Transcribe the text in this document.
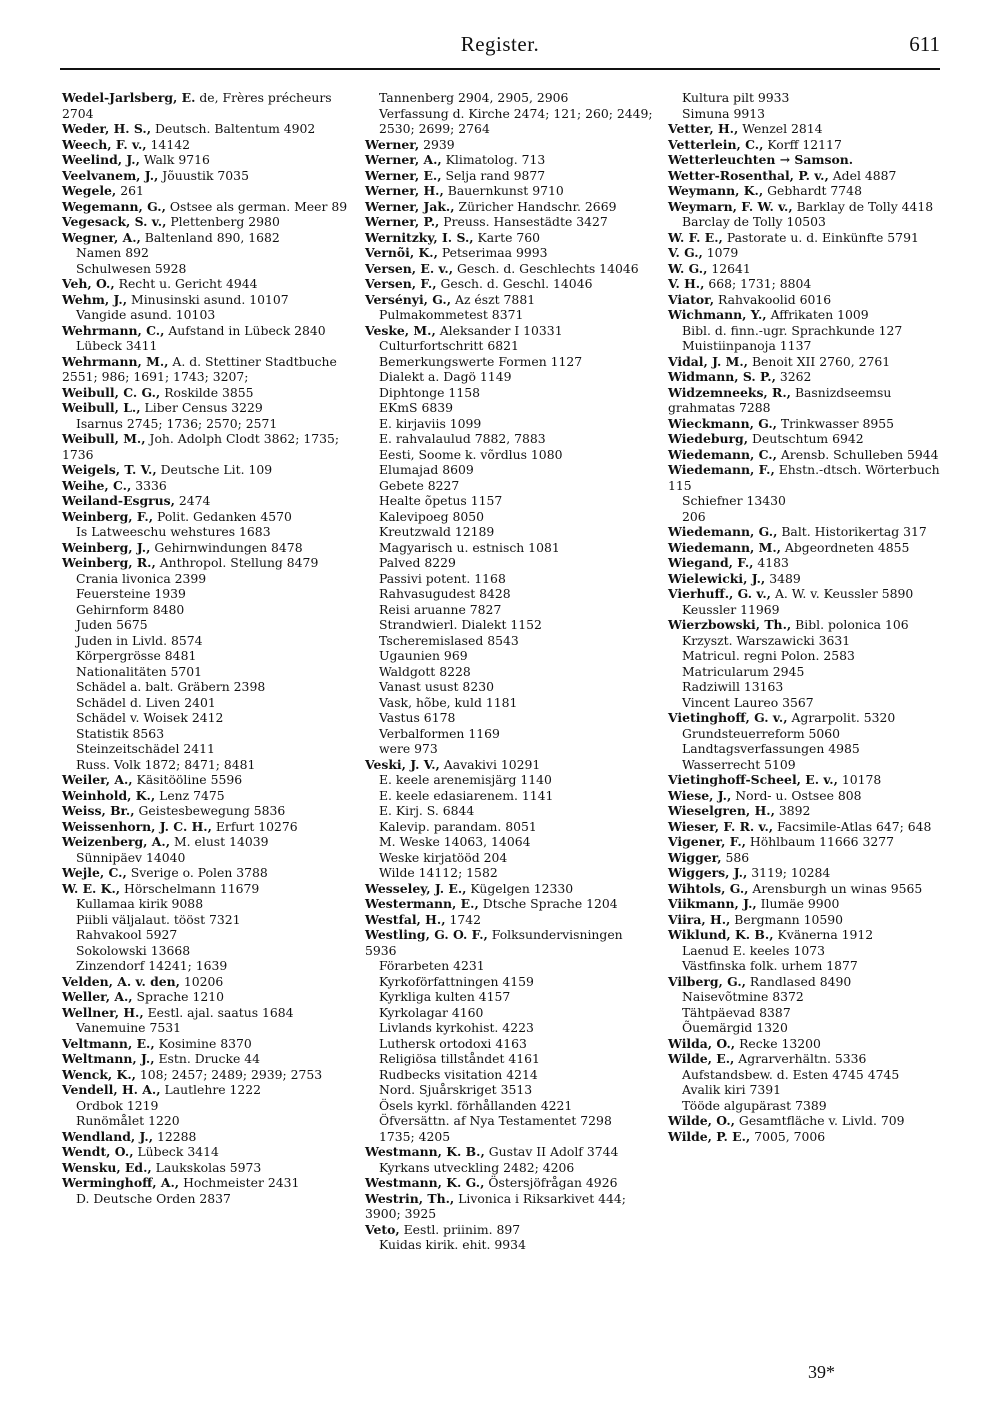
Register.	611
Wedel-Jarlsberg, E. de, Frères précheurs 2704
Weder, H. S., Deutsch. Baltentum 4902
Weech, F. v., 14142
Weelind, J., Walk 9716
Veelvanem, J., Jõuustik 7035
Wegele, 261
Wegemann, G., Ostsee als german. Meer 89
Vegesack, S. v., Plettenberg 2980
Wegner, A., Baltenland 890, 1682
Namen 892
Schulwesen 5928
Veh, O., Recht u. Gericht 4944
Wehm, J., Minusinski asund. 10107
Vangide asund. 10103
Wehrmann, C., Aufstand in Lübeck 2840
Lübeck 3411
Wehrmann, M., A. d. Stettiner Stadtbuche 2551; 986; 1691; 1743; 3207;
Weibull, C. G., Roskilde 3855
Weibull, L., Liber Census 3229
Isarnus 2745; 1736; 2570; 2571
Weibull, M., Joh. Adolph Clodt 3862; 1735; 1736
Weigels, T. V., Deutsche Lit. 109
Weihe, C., 3336
Weiland-Esgrus, 2474
Weinberg, F., Polit. Gedanken 4570
Is Latweeschu wehstures 1683
Weinberg, J., Gehirnwindungen 8478
Weinberg, R., Anthropol. Stellung 8479
Crania livonica 2399
Feuersteine 1939
Gehirnform 8480
Juden 5675
Juden in Livld. 8574
Körpergrösse 8481
Nationalitäten 5701
Schädel a. balt. Gräbern 2398
Schädel d. Liven 2401
Schädel v. Woisek 2412
Statistik 8563
Steinzeitschädel 2411
Russ. Volk 1872; 8471; 8481
Weiler, A., Käsitööline 5596
Weinhold, K., Lenz 7475
Weiss, Br., Geistesbewegung 5836
Weissenhorn, J. C. H., Erfurt 10276
Weizenberg, A., M. elust 14039
Sünnipäev 14040
Wejle, C., Sverige o. Polen 3788
W. E. K., Hörschelmann 11679
Kullamaa kirik 9088
Piibli väljalaut. tööst 7321
Rahvakool 5927
Sokolowski 13668
Zinzendorf 14241; 1639
Velden, A. v. den, 10206
Weller, A., Sprache 1210
Wellner, H., Eestl. ajal. saatus 1684
Vanemuine 7531
Veltmann, E., Kosimine 8370
Weltmann, J., Estn. Drucke 44
Wenck, K., 108; 2457; 2489; 2939; 2753
Vendell, H. A., Lautlehre 1222
Ordbok 1219
Runömålet 1220
Wendland, J., 12288
Wendt, O., Lübeck 3414
Wensku, Ed., Laukskolas 5973
Werminghoff, A., Hochmeister 2431
D. Deutsche Orden 2837
Tannenberg 2904, 2905, 2906
Verfassung d. Kirche 2474; 121; 260; 2449; 2530; 2699; 2764
Werner, 2939
Werner, A., Klimatolog. 713
Werner, E., Selja rand 9877
Werner, H., Bauernkunst 9710
Werner, Jak., Züricher Handschr. 2669
Werner, P., Preuss. Hansestädte 3427
Wernitzky, I. S., Karte 760
Vernõi, K., Petserimaa 9993
Versen, E. v., Gesch. d. Geschlechts 14046
Versen, F., Gesch. d. Geschl. 14046
Versényi, G., Az észt 7881
Pulmakommetest 8371
Veske, M., Aleksander I 10331
Culturfortschritt 6821
Bemerkungswerte Formen 1127
Dialekt a. Dagö 1149
Diphtonge 1158
EKmS 6839
E. kirjaviis 1099
E. rahvalaulud 7882, 7883
Eesti, Soome k. võrdlus 1080
Elumajad 8609
Gebete 8227
Healte õpetus 1157
Kalevipoeg 8050
Kreutzwald 12189
Magyarisch u. estnisch 1081
Palved 8229
Passivi potent. 1168
Rahvasugudest 8428
Reisi aruanne 7827
Strandwierl. Dialekt 1152
Tscheremislased 8543
Ugaunien 969
Waldgott 8228
Vanast usust 8230
Vask, hõbe, kuld 1181
Vastus 6178
Verbalformen 1169
were 973
Veski, J. V., Aavakivi 10291
E. keele arenemisjärg 1140
E. keele edasiarenem. 1141
E. Kirj. S. 6844
Kalevip. parandam. 8051
M. Weske 14063, 14064
Weske kirjatööd 204
Wilde 14112; 1582
Wesseley, J. E., Kügelgen 12330
Westermann, E., Dtsche Sprache 1204
Westfal, H., 1742
Westling, G. O. F., Folksundervisningen 5936
Förarbeten 4231
Kyrkoförfattningen 4159
Kyrkliga kulten 4157
Kyrkolagar 4160
Livlands kyrkohist. 4223
Luthersk ortodoxi 4163
Religiösa tillståndet 4161
Rudbecks visitation 4214
Nord. Sjuårskriget 3513
Ösels kyrkl. förhållanden 4221
Öfversättn. af Nya Testamentet 7298
1735; 4205
Westmann, K. B., Gustav II Adolf 3744
Kyrkans utveckling 2482; 4206
Westmann, K. G., Östersjöfrågan 4926
Westrin, Th., Livonica i Riksarkivet 444; 3900; 3925
Veto, Eestl. priinim. 897
Kuidas kirik. ehit. 9934
Kultura pilt 9933
Simuna 9913
Vetter, H., Wenzel 2814
Vetterlein, C., Korff 12117
Wetterleuchten → Samson.
Wetter-Rosenthal, P. v., Adel 4887
Weymann, K., Gebhardt 7748
Weymarn, F. W. v., Barklay de Tolly 4418
Barclay de Tolly 10503
W. F. E., Pastorate u. d. Einkünfte 5791
V. G., 1079
W. G., 12641
V. H., 668; 1731; 8804
Viator, Rahvakoolid 6016
Wichmann, Y., Affrikaten 1009
Bibl. d. finn.-ugr. Sprachkunde 127
Muistiinpanoja 1137
Vidal, J. M., Benoit XII 2760, 2761
Widmann, S. P., 3262
Widzemneeks, R., Basnizdseemsu grahmatas 7288
Wieckmann, G., Trinkwasser 8955
Wiedeburg, Deutschtum 6942
Wiedemann, C., Arensb. Schulleben 5944
Wiedemann, F., Ehstn.-dtsch. Wörterbuch 115
Schiefner 13430
206
Wiedemann, G., Balt. Historikertag 317
Wiedemann, M., Abgeordneten 4855
Wiegand, F., 4183
Wielewicki, J., 3489
Vierhuff., G. v., A. W. v. Keussler 5890
Keussler 11969
Wierzbowski, Th., Bibl. polonica 106
Krzyszt. Warszawicki 3631
Matricul. regni Polon. 2583
Matricularum 2945
Radziwill 13163
Vincent Laureo 3567
Vietinghoff, G. v., Agrarpolit. 5320
Grundsteuerreform 5060
Landtagsverfassungen 4985
Wasserrecht 5109
Vietinghoff-Scheel, E. v., 10178
Wiese, J., Nord- u. Ostsee 808
Wieselgren, H., 3892
Wieser, F. R. v., Facsimile-Atlas 647; 648
Vigener, F., Höhlbaum 11666 3277
Wigger, 586
Wiggers, J., 3119; 10284
Wihtols, G., Arensburgh un winas 9565
Viikmann, J., Ilumäe 9900
Viira, H., Bergmann 10590
Wiklund, K. B., Kvänerna 1912
Laenud E. keeles 1073
Västfinska folk. urhem 1877
Vilberg, G., Randlased 8490
Naisevõtmine 8372
Tähtpäevad 8387
Õuemärgid 1320
Wilda, O., Recke 13200
Wilde, E., Agrarverhältn. 5336
Aufstandsbew. d. Esten 4745 4745
Avalik kiri 7391
Tööde algupärast 7389
Wilde, O., Gesamtfläche v. Livld. 709
Wilde, P. E., 7005, 7006
39*
